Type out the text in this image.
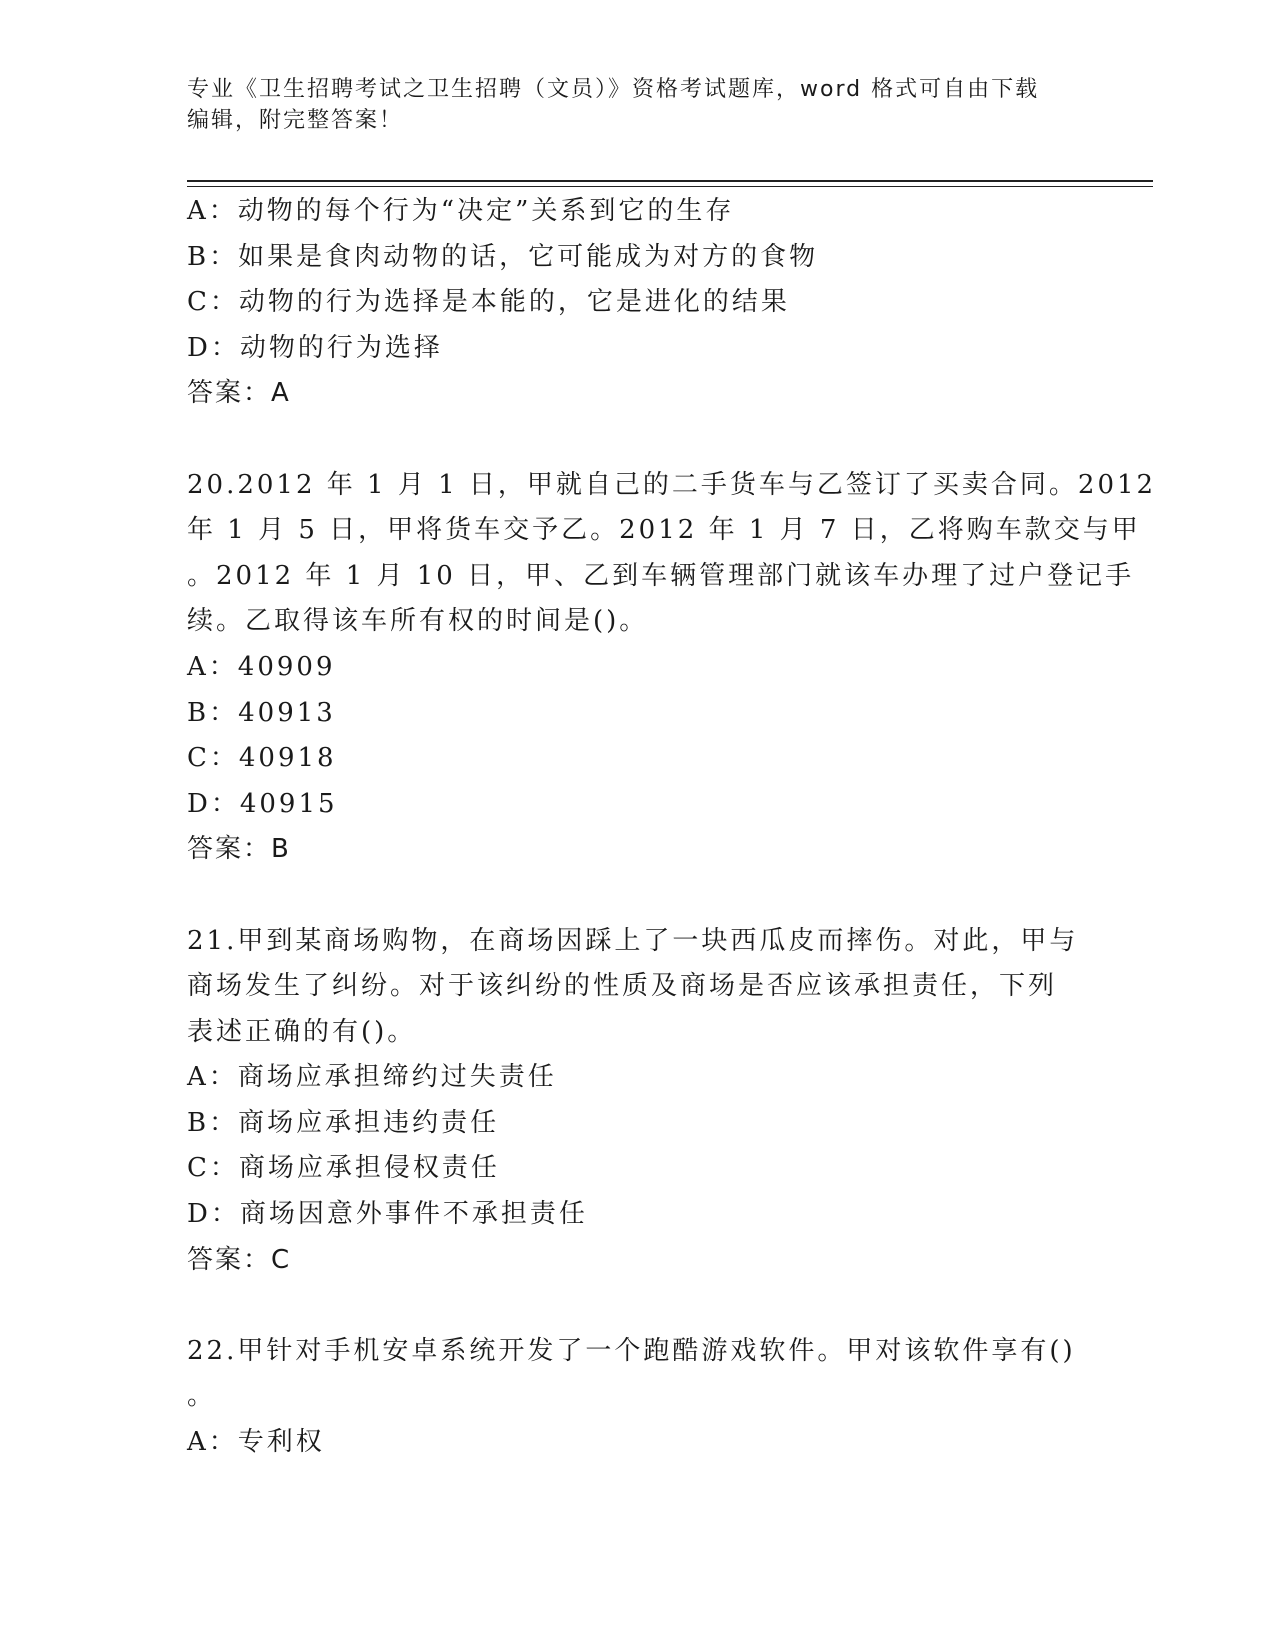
专业《卫生招聘考试之卫生招聘（文员）》资格考试题库，word 格式可自由下载
编辑，附完整答案！
A：动物的每个行为“决定”关系到它的生存
B：如果是食肉动物的话，它可能成为对方的食物
C：动物的行为选择是本能的，它是进化的结果
D：动物的行为选择
答案：A
20.2012 年 1 月 1 日，甲就自己的二手货车与乙签订了买卖合同。2012
年 1 月 5 日，甲将货车交予乙。2012 年 1 月 7 日，乙将购车款交与甲
。2012 年 1 月 10 日，甲、乙到车辆管理部门就该车办理了过户登记手
续。乙取得该车所有权的时间是()。
A：40909
B：40913
C：40918
D：40915
答案：B
21.甲到某商场购物，在商场因踩上了一块西瓜皮而摔伤。对此，甲与
商场发生了纠纷。对于该纠纷的性质及商场是否应该承担责任，下列
表述正确的有()。
A：商场应承担缔约过失责任
B：商场应承担违约责任
C：商场应承担侵权责任
D：商场因意外事件不承担责任
答案：C
22.甲针对手机安卓系统开发了一个跑酷游戏软件。甲对该软件享有()
。
A：专利权
